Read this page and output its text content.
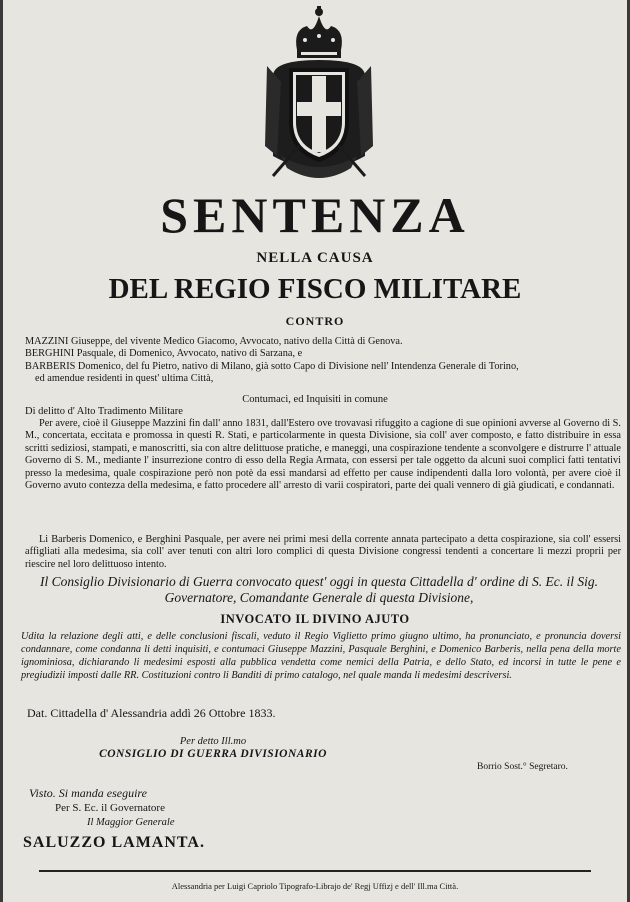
SENTENZA
NELLA CAUSA
DEL REGIO FISCO MILITARE
CONTRO
MAZZINI Giuseppe, del vivente Medico Giacomo, Avvocato, nativo della Città di Genova.
BERGHINI Pasquale, di Domenico, Avvocato, nativo di Sarzana, e
BARBERIS Domenico, del fu Pietro, nativo di Milano, già sotto Capo di Divisione nell' Intendenza Generale di Torino,
ed amendue residenti in quest' ultima Città,
Contumaci, ed Inquisiti in comune
Di delitto d' Alto Tradimento Militare

Per avere, cioè il Giuseppe Mazzini fin dall' anno 1831, dall'Estero ove trovavasi rifuggito a cagione di sue opinioni avverse al Governo di S. M., concertata, eccitata e promossa in questi R. Stati, e particolarmente in questa Divisione, sia coll' aver composto, e fatto distribuire in essa scritti sediziosi, stampati, e manoscritti, sia con altre delittuose pratiche, e maneggi, una cospirazione tendente a sconvolgere e distrurre l' attuale Governo di S. M., mediante l' insurrezione contro di esso della Regia Armata, con essersi per tale oggetto da alcuni suoi complici fatti tentativi presso la medesima, quale cospirazione però non potè da essi mandarsi ad effetto per cause indipendenti dalla loro volontà, per avere cioè il Governo avuto contezza della medesima, e fatto procedere all' arresto di varii cospiratori, parte dei quali vennero di già giudicati, e condannati.

Li Barberis Domenico, e Berghini Pasquale, per avere nei primi mesi della corrente annata partecipato a detta cospirazione, sia coll' essersi affigliati alla medesima, sia coll' aver tenuti con altri loro complici di questa Divisione congressi tendenti a concertare li mezzi proprii per riescire nel loro delittuoso intento.

Il Consiglio Divisionario di Guerra convocato quest' oggi in questa Cittadella d' ordine di S. Ec. il Sig. Governatore, Comandante Generale di questa Divisione,
INVOCATO IL DIVINO AJUTO
Udita la relazione degli atti, e delle conclusioni fiscali, veduto il Regio Viglietto primo giugno ultimo, ha pronunciato, e pronuncia doversi condannare, come condanna li detti inquisiti, e contumaci Giuseppe Mazzini, Pasquale Berghini, e Domenico Barberis, nella pena della morte ignominiosa, dichiarando li medesimi esposti alla pubblica vendetta come nemici della Patria, e dello Stato, ed incorsi in tutte le pene e pregiudizii imposti dalle RR. Costituzioni contro li Banditi di primo catalogo, nel quale manda li medesimi descriversi.
Dat. Cittadella d' Alessandria addì 26 Ottobre 1833.
Per detto Ill.mo
CONSIGLIO DI GUERRA DIVISIONARIO
Borrio Sost.° Segretaro.
Visto. Si manda eseguire
Per S. Ec. il Governatore
Il Maggior Generale
SALUZZO LAMANTA.
Alessandria per Luigi Capriolo Tipografo-Librajo de' Regj Uffizj e dell' Ill.ma Città.
